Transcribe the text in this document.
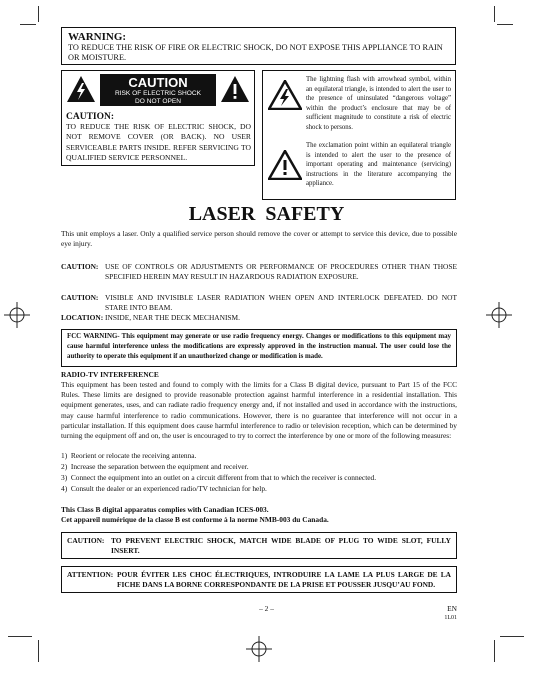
WARNING:
TO REDUCE THE RISK OF FIRE OR ELECTRIC SHOCK, DO NOT EXPOSE THIS APPLIANCE TO RAIN OR MOISTURE.
CAUTION
RISK OF ELECTRIC SHOCK
DO NOT OPEN
CAUTION:
TO REDUCE THE RISK OF ELECTRIC SHOCK, DO NOT REMOVE COVER (OR BACK). NO USER SERVICEABLE PARTS INSIDE. REFER SERVICING TO QUALIFIED SERVICE PERSONNEL.
The lightning flash with arrowhead symbol, within an equilateral triangle, is intended to alert the user to the presence of uninsulated “dangerous voltage” within the product’s enclosure that may be of sufficient magnitude to constitute a risk of electric shock to persons.
The exclamation point within an equilateral triangle is intended to alert the user to the presence of important operating and maintenance (servicing) instructions in the literature accompanying the appliance.
LASER  SAFETY
This unit employs a laser. Only a qualified service person should remove the cover or attempt to service this device, due to possible eye injury.
CAUTION: USE OF CONTROLS OR ADJUSTMENTS OR PERFORMANCE OF PROCEDURES OTHER THAN THOSE SPECIFIED HEREIN MAY RESULT IN HAZARDOUS RADIATION EXPOSURE.
CAUTION: VISIBLE AND INVISIBLE LASER RADIATION WHEN OPEN AND INTERLOCK DEFEATED. DO NOT STARE INTO BEAM.
LOCATION: INSIDE, NEAR THE DECK MECHANISM.
FCC WARNING- This equipment may generate or use radio frequency energy. Changes or modifications to this equipment may cause harmful interference unless the modifications are expressly approved in the instruction manual. The user could lose the authority to operate this equipment if an unauthorized change or modification is made.
RADIO-TV INTERFERENCE
This equipment has been tested and found to comply with the limits for a Class B digital device, pursuant to Part 15 of the FCC Rules. These limits are designed to provide reasonable protection against harmful interference in a residential installation. This equipment generates, uses, and can radiate radio frequency energy and, if not installed and used in accordance with the instructions, may cause harmful interference to radio communications. However, there is no guarantee that interference will not occur in a particular installation. If this equipment does cause harmful interference to radio or television reception, which can be determined by turning the equipment off and on, the user is encouraged to try to correct the interference by one or more of the following measures:
1)  Reorient or relocate the receiving antenna.
2)  Increase the separation between the equipment and receiver.
3)  Connect the equipment into an outlet on a circuit different from that to which the receiver is connected.
4)  Consult the dealer or an experienced radio/TV technician for help.
This Class B digital apparatus complies with Canadian ICES-003.
Cet appareil numérique de la classe B est conforme à la norme NMB-003 du Canada.
CAUTION: TO PREVENT ELECTRIC SHOCK, MATCH WIDE BLADE OF PLUG TO WIDE SLOT, FULLY INSERT.
ATTENTION: POUR ÉVITER LES CHOC ÉLECTRIQUES, INTRODUIRE LA LAME LA PLUS LARGE DE LA FICHE DANS LA BORNE CORRESPONDANTE DE LA PRISE ET POUSSER JUSQU’AU FOND.
– 2 –	EN
1L01
